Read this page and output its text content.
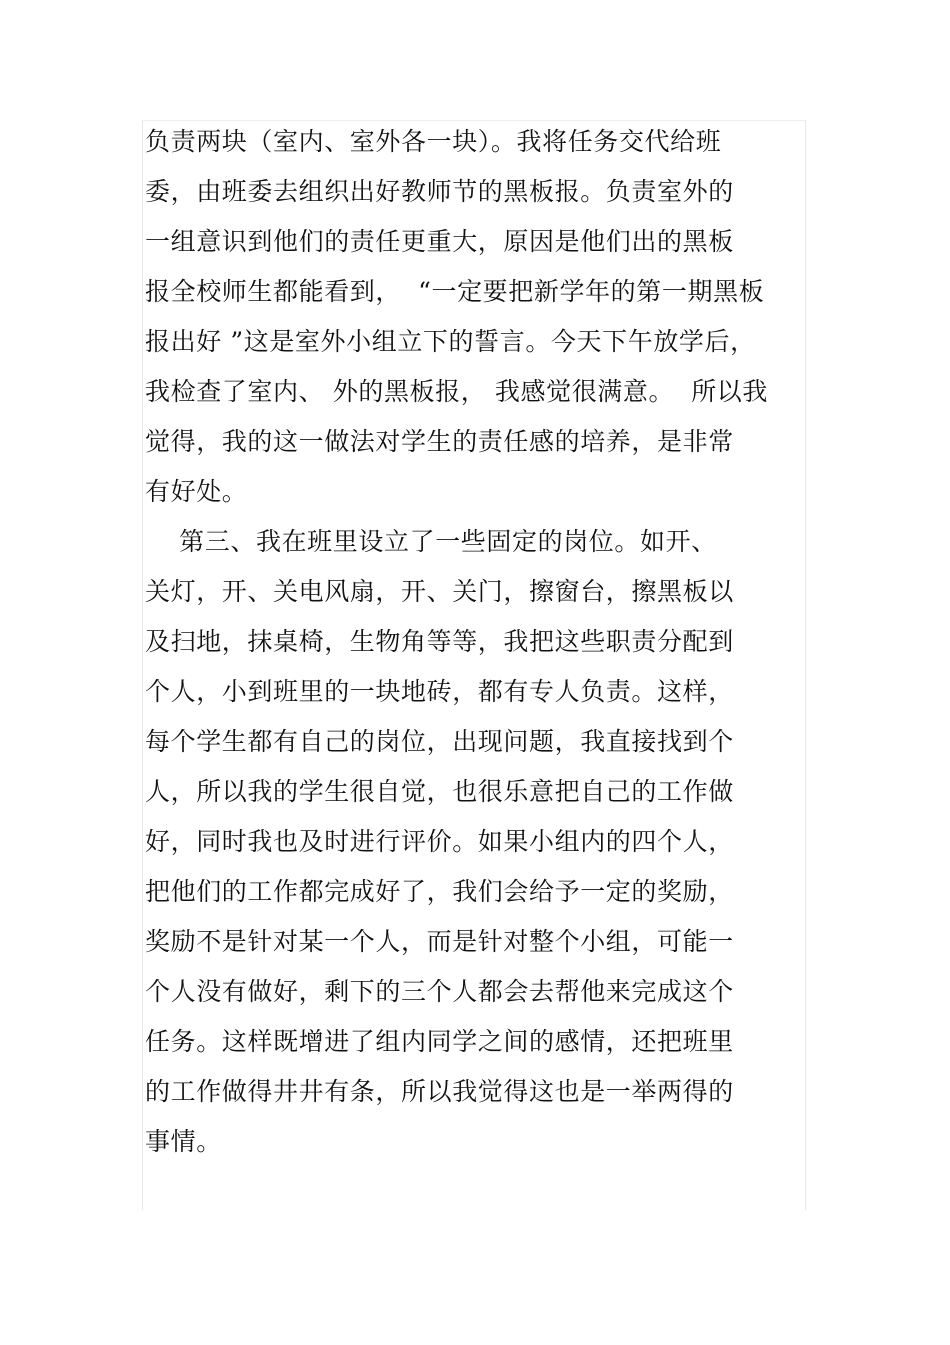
负责两块（室内、室外各一块）。我将任务交代给班
委，由班委去组织出好教师节的黑板报。负责室外的
一组意识到他们的责任更重大，原因是他们出的黑板
报全校师生都能看到，  “一定要把新学年的第一期黑板
报出好 ”这是室外小组立下的誓言。今天下午放学后，
我检查了室内、 外的黑板报， 我感觉很满意。  所以我
觉得，我的这一做法对学生的责任感的培养，是非常
有好处。
第三、我在班里设立了一些固定的岗位。如开、
关灯，开、关电风扇，开、关门，擦窗台，擦黑板以
及扫地，抹桌椅，生物角等等，我把这些职责分配到
个人，小到班里的一块地砖，都有专人负责。这样，
每个学生都有自己的岗位，出现问题，我直接找到个
人，所以我的学生很自觉，也很乐意把自己的工作做
好，同时我也及时进行评价。如果小组内的四个人，
把他们的工作都完成好了，我们会给予一定的奖励，
奖励不是针对某一个人，而是针对整个小组，可能一
个人没有做好，剩下的三个人都会去帮他来完成这个
任务。这样既增进了组内同学之间的感情，还把班里
的工作做得井井有条，所以我觉得这也是一举两得的
事情。
